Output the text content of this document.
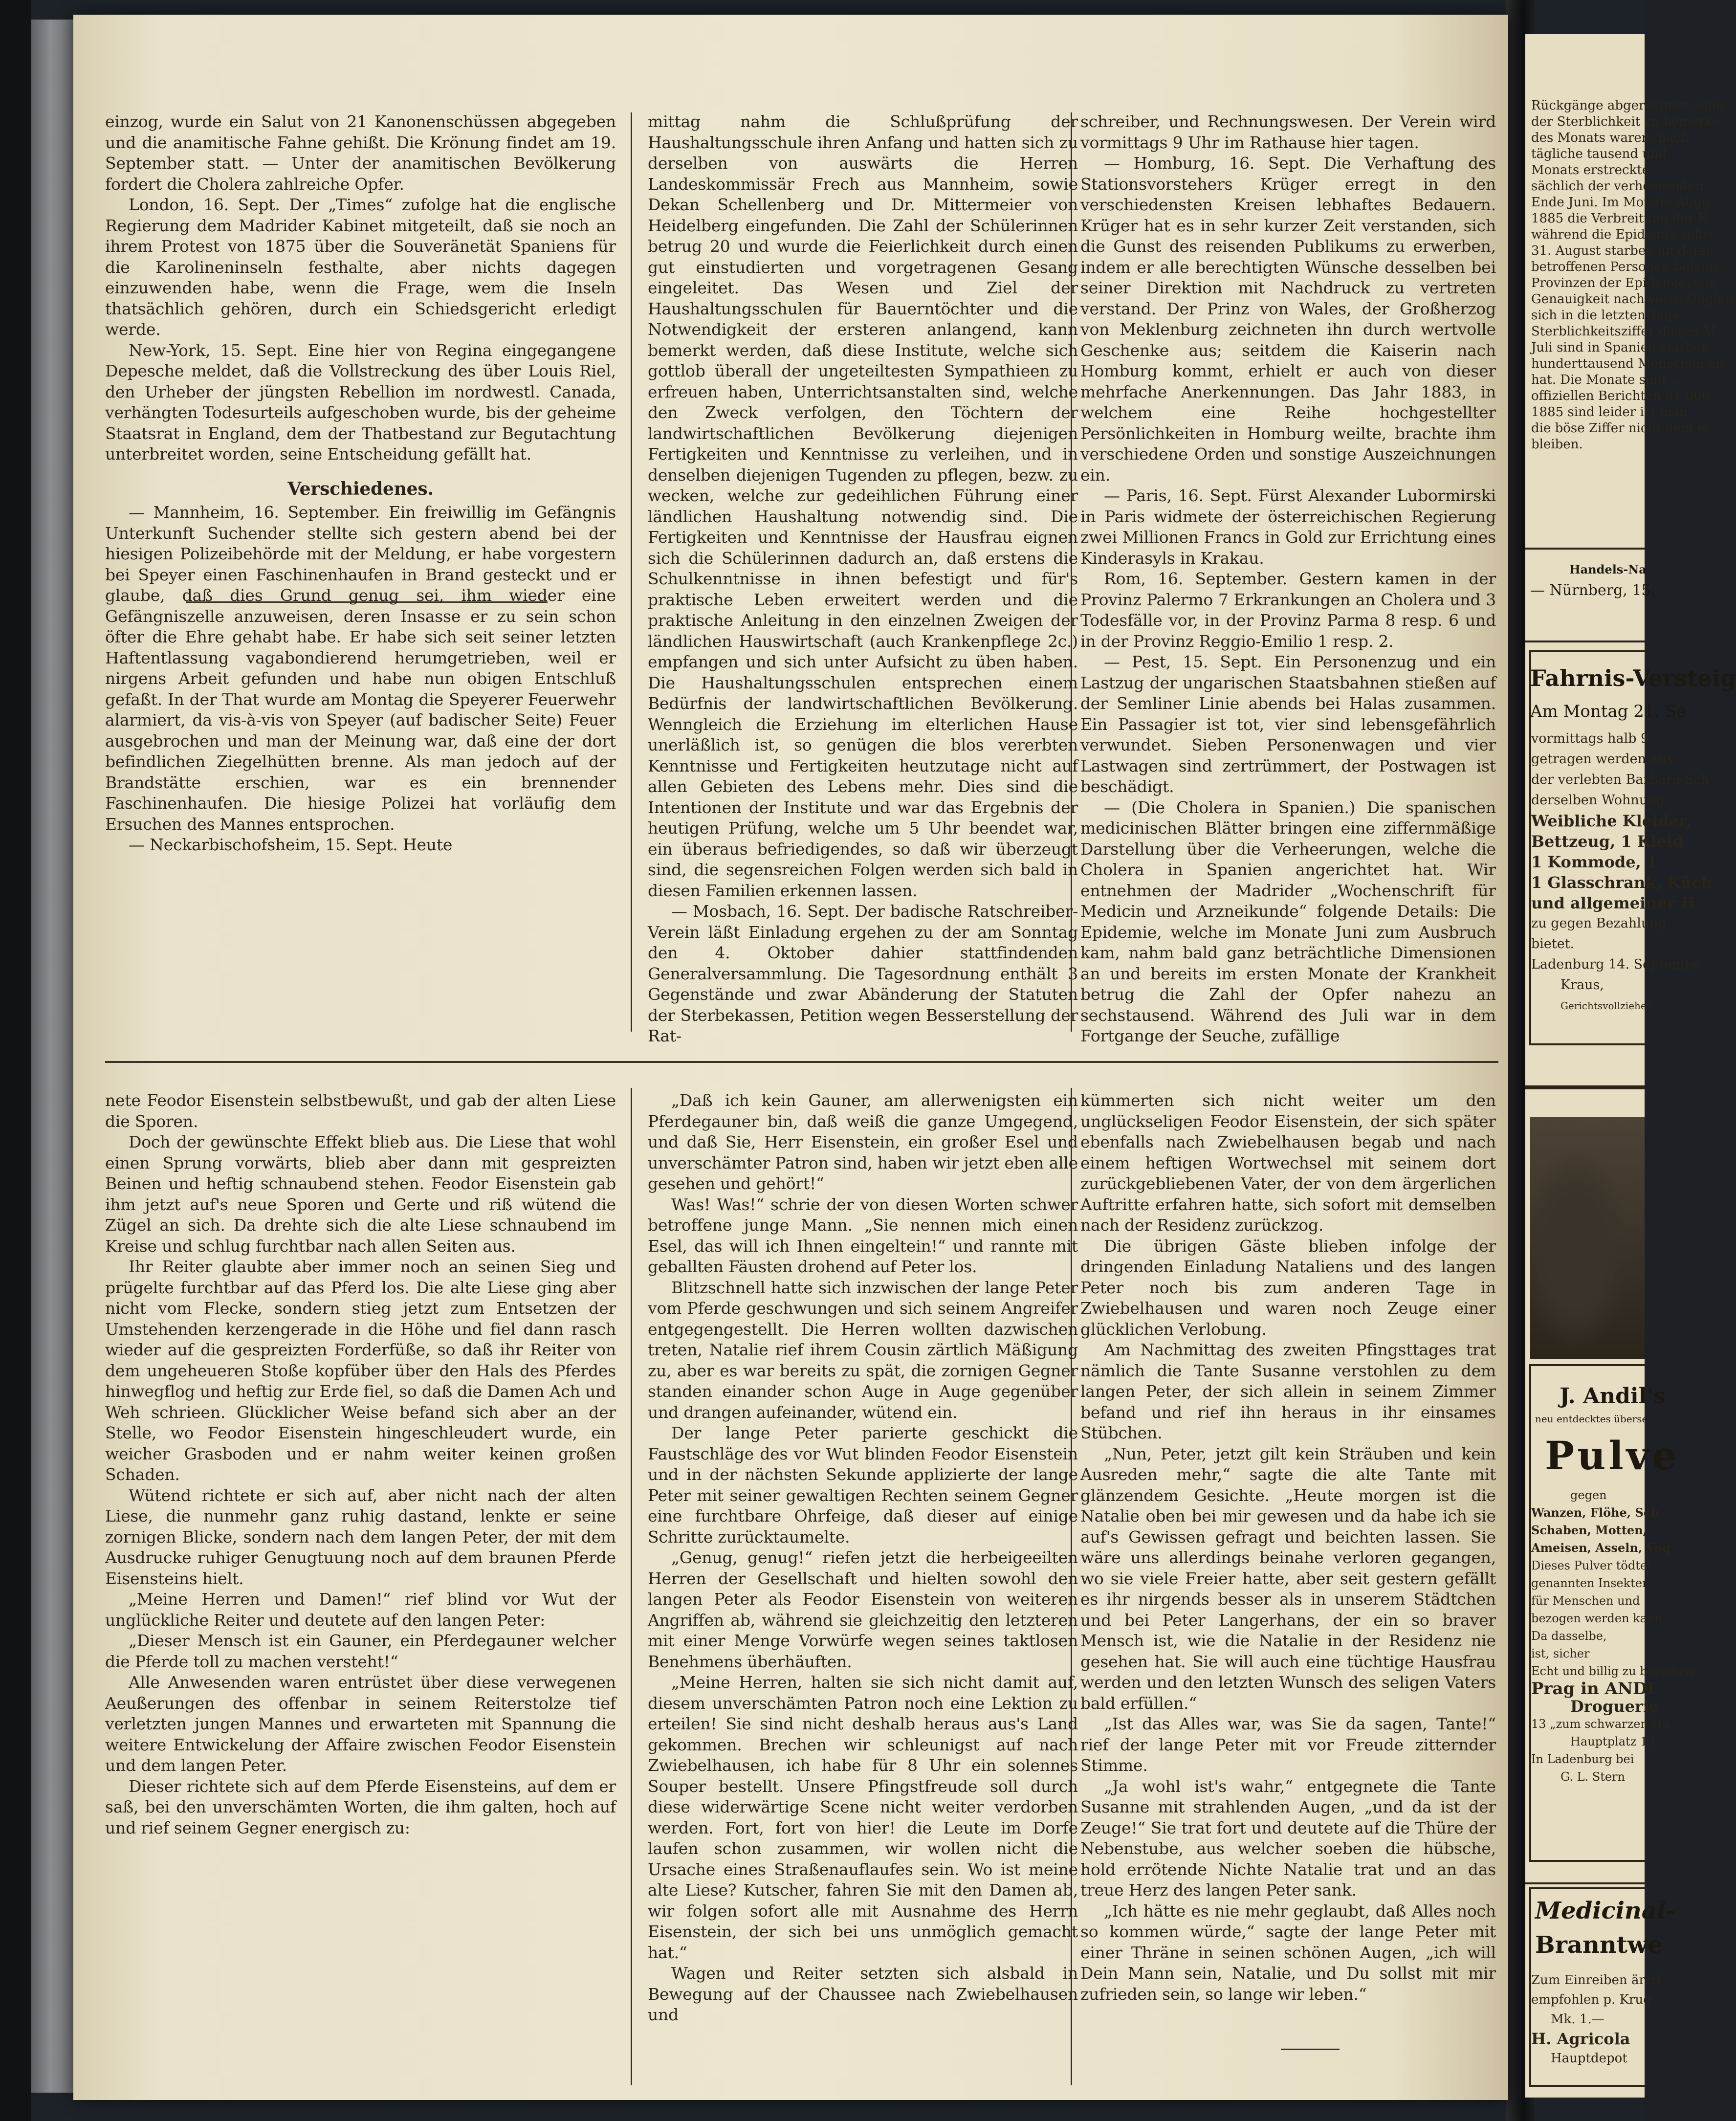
einzog, wurde ein Salut von 21 Kanonenschüssen abgegeben und die anamitische Fahne gehißt. Die Krönung findet am 19. September statt. — Unter der anamitischen Bevölkerung fordert die Cholera zahlreiche Opfer.

London, 16. Sept. Der „Times“ zufolge hat die englische Regierung dem Madrider Kabinet mitgeteilt, daß sie noch an ihrem Protest von 1875 über die Souveränetät Spaniens für die Karolineninseln festhalte, aber nichts dagegen einzuwenden habe, wenn die Frage, wem die Inseln thatsächlich gehören, durch ein Schiedsgericht erledigt werde.

New-York, 15. Sept. Eine hier von Regina eingegangene Depesche meldet, daß die Vollstreckung des über Louis Riel, den Urheber der jüngsten Rebellion im nordwestl. Canada, verhängten Todesurteils aufgeschoben wurde, bis der geheime Staatsrat in England, dem der Thatbestand zur Begutachtung unterbreitet worden, seine Entscheidung gefällt hat.

Verschiedenes.

— Mannheim, 16. September. Ein freiwillig im Gefängnis Unterkunft Suchender stellte sich gestern abend bei der hiesigen Polizeibehörde mit der Meldung, er habe vorgestern bei Speyer einen Faschinenhaufen in Brand gesteckt und er glaube, daß dies Grund genug sei, ihm wieder eine Gefängniszelle anzuweisen, deren Insasse er zu sein schon öfter die Ehre gehabt habe. Er habe sich seit seiner letzten Haftentlassung vagabondierend herumgetrieben, weil er nirgens Arbeit gefunden und habe nun obigen Entschluß gefaßt. In der That wurde am Montag die Speyerer Feuerwehr alarmiert, da vis-à-vis von Speyer (auf badischer Seite) Feuer ausgebrochen und man der Meinung war, daß eine der dort befindlichen Ziegelhütten brenne. Als man jedoch auf der Brandstätte erschien, war es ein brennender Faschinenhaufen. Die hiesige Polizei hat vorläufig dem Ersuchen des Mannes entsprochen.

— Neckarbischofsheim, 15. Sept. Heute

mittag nahm die Schlußprüfung der Haushaltungsschule ihren Anfang und hatten sich zu derselben von auswärts die Herren Landeskommissär Frech aus Mannheim, sowie Dekan Schellenberg und Dr. Mittermeier von Heidelberg eingefunden. Die Zahl der Schülerinnen betrug 20 und wurde die Feierlichkeit durch einen gut einstudierten und vorgetragenen Gesang eingeleitet. Das Wesen und Ziel der Haushaltungsschulen für Bauerntöchter und die Notwendigkeit der ersteren anlangend, kann bemerkt werden, daß diese Institute, welche sich gottlob überall der ungeteiltesten Sympathieen zu erfreuen haben, Unterrichtsanstalten sind, welche den Zweck verfolgen, den Töchtern der landwirtschaftlichen Bevölkerung diejenigen Fertigkeiten und Kenntnisse zu verleihen, und in denselben diejenigen Tugenden zu pflegen, bezw. zu wecken, welche zur gedeihlichen Führung einer ländlichen Haushaltung notwendig sind. Die Fertigkeiten und Kenntnisse der Hausfrau eignen sich die Schülerinnen dadurch an, daß erstens die Schulkenntnisse in ihnen befestigt und für's praktische Leben erweitert werden und die praktische Anleitung in den einzelnen Zweigen der ländlichen Hauswirtschaft (auch Krankenpflege 2c.) empfangen und sich unter Aufsicht zu üben haben. Die Haushaltungsschulen entsprechen einem Bedürfnis der landwirtschaftlichen Bevölkerung. Wenngleich die Erziehung im elterlichen Hause unerläßlich ist, so genügen die blos vererbten Kenntnisse und Fertigkeiten heutzutage nicht auf allen Gebieten des Lebens mehr. Dies sind die Intentionen der Institute und war das Ergebnis der heutigen Prüfung, welche um 5 Uhr beendet war, ein überaus befriedigendes, so daß wir überzeugt sind, die segensreichen Folgen werden sich bald in diesen Familien erkennen lassen.

— Mosbach, 16. Sept. Der badische Ratschreiber-Verein läßt Einladung ergehen zu der am Sonntag den 4. Oktober dahier stattfindenden Generalversammlung. Die Tagesordnung enthält 3 Gegenstände und zwar Abänderung der Statuten der Sterbekassen, Petition wegen Besserstellung der Rat-

schreiber, und Rechnungswesen. Der Verein wird vormittags 9 Uhr im Rathause hier tagen.

— Homburg, 16. Sept. Die Verhaftung des Stationsvorstehers Krüger erregt in den verschiedensten Kreisen lebhaftes Bedauern. Krüger hat es in sehr kurzer Zeit verstanden, sich die Gunst des reisenden Publikums zu erwerben, indem er alle berechtigten Wünsche desselben bei seiner Direktion mit Nachdruck zu vertreten verstand. Der Prinz von Wales, der Großherzog von Meklenburg zeichneten ihn durch wertvolle Geschenke aus; seitdem die Kaiserin nach Homburg kommt, erhielt er auch von dieser mehrfache Anerkennungen. Das Jahr 1883, in welchem eine Reihe hochgestellter Persönlichkeiten in Homburg weilte, brachte ihm verschiedene Orden und sonstige Auszeichnungen ein.

— Paris, 16. Sept. Fürst Alexander Lubormirski in Paris widmete der österreichischen Regierung zwei Millionen Francs in Gold zur Errichtung eines Kinderasyls in Krakau.

Rom, 16. September. Gestern kamen in der Provinz Palermo 7 Erkrankungen an Cholera und 3 Todesfälle vor, in der Provinz Parma 8 resp. 6 und in der Provinz Reggio-Emilio 1 resp. 2.

— Pest, 15. Sept. Ein Personenzug und ein Lastzug der ungarischen Staatsbahnen stießen auf der Semliner Linie abends bei Halas zusammen. Ein Passagier ist tot, vier sind lebensgefährlich verwundet. Sieben Personenwagen und vier Lastwagen sind zertrümmert, der Postwagen ist beschädigt.

— (Die Cholera in Spanien.) Die spanischen medicinischen Blätter bringen eine ziffernmäßige Darstellung über die Verheerungen, welche die Cholera in Spanien angerichtet hat. Wir entnehmen der Madrider „Wochenschrift für Medicin und Arzneikunde“ folgende Details: Die Epidemie, welche im Monate Juni zum Ausbruch kam, nahm bald ganz beträchtliche Dimensionen an und bereits im ersten Monate der Krankheit betrug die Zahl der Opfer nahezu an sechstausend. Während des Juli war in dem Fortgange der Seuche, zufällige

nete Feodor Eisenstein selbstbewußt, und gab der alten Liese die Sporen.

Doch der gewünschte Effekt blieb aus. Die Liese that wohl einen Sprung vorwärts, blieb aber dann mit gespreizten Beinen und heftig schnaubend stehen. Feodor Eisenstein gab ihm jetzt auf's neue Sporen und Gerte und riß wütend die Zügel an sich. Da drehte sich die alte Liese schnaubend im Kreise und schlug furchtbar nach allen Seiten aus.

Ihr Reiter glaubte aber immer noch an seinen Sieg und prügelte furchtbar auf das Pferd los. Die alte Liese ging aber nicht vom Flecke, sondern stieg jetzt zum Entsetzen der Umstehenden kerzengerade in die Höhe und fiel dann rasch wieder auf die gespreizten Forderfüße, so daß ihr Reiter von dem ungeheueren Stoße kopfüber über den Hals des Pferdes hinwegflog und heftig zur Erde fiel, so daß die Damen Ach und Weh schrieen. Glücklicher Weise befand sich aber an der Stelle, wo Feodor Eisenstein hingeschleudert wurde, ein weicher Grasboden und er nahm weiter keinen großen Schaden.

Wütend richtete er sich auf, aber nicht nach der alten Liese, die nunmehr ganz ruhig dastand, lenkte er seine zornigen Blicke, sondern nach dem langen Peter, der mit dem Ausdrucke ruhiger Genugtuung noch auf dem braunen Pferde Eisensteins hielt.

„Meine Herren und Damen!“ rief blind vor Wut der unglückliche Reiter und deutete auf den langen Peter:

„Dieser Mensch ist ein Gauner, ein Pferdegauner welcher die Pferde toll zu machen versteht!“

Alle Anwesenden waren entrüstet über diese verwegenen Aeußerungen des offenbar in seinem Reiterstolze tief verletzten jungen Mannes und erwarteten mit Spannung die weitere Entwickelung der Affaire zwischen Feodor Eisenstein und dem langen Peter.

Dieser richtete sich auf dem Pferde Eisensteins, auf dem er saß, bei den unverschämten Worten, die ihm galten, hoch auf und rief seinem Gegner energisch zu:

„Daß ich kein Gauner, am allerwenigsten ein Pferdegauner bin, daß weiß die ganze Umgegend, und daß Sie, Herr Eisenstein, ein großer Esel und unverschämter Patron sind, haben wir jetzt eben alle gesehen und gehört!“

Was! Was!“ schrie der von diesen Worten schwer betroffene junge Mann. „Sie nennen mich einen Esel, das will ich Ihnen eingeltein!“ und rannte mit geballten Fäusten drohend auf Peter los.

Blitzschnell hatte sich inzwischen der lange Peter vom Pferde geschwungen und sich seinem Angreifer entgegengestellt. Die Herren wollten dazwischen treten, Natalie rief ihrem Cousin zärtlich Mäßigung zu, aber es war bereits zu spät, die zornigen Gegner standen einander schon Auge in Auge gegenüber und drangen aufeinander, wütend ein.

Der lange Peter parierte geschickt die Faustschläge des vor Wut blinden Feodor Eisenstein und in der nächsten Sekunde applizierte der lange Peter mit seiner gewaltigen Rechten seinem Gegner eine furchtbare Ohrfeige, daß dieser auf einige Schritte zurücktaumelte.

„Genug, genug!“ riefen jetzt die herbeigeeilten Herren der Gesellschaft und hielten sowohl den langen Peter als Feodor Eisenstein von weiteren Angriffen ab, während sie gleichzeitig den letzteren mit einer Menge Vorwürfe wegen seines taktlosen Benehmens überhäuften.

„Meine Herren, halten sie sich nicht damit auf, diesem unverschämten Patron noch eine Lektion zu erteilen! Sie sind nicht deshalb heraus aus's Land gekommen. Brechen wir schleunigst auf nach Zwiebelhausen, ich habe für 8 Uhr ein solennes Souper bestellt. Unsere Pfingstfreude soll durch diese widerwärtige Scene nicht weiter verdorben werden. Fort, fort von hier! die Leute im Dorfe laufen schon zusammen, wir wollen nicht die Ursache eines Straßenauflaufes sein. Wo ist meine alte Liese? Kutscher, fahren Sie mit den Damen ab, wir folgen sofort alle mit Ausnahme des Herrn Eisenstein, der sich bei uns unmöglich gemacht hat.“

Wagen und Reiter setzten sich alsbald in Bewegung auf der Chaussee nach Zwiebelhausen und

kümmerten sich nicht weiter um den unglückseligen Feodor Eisenstein, der sich später ebenfalls nach Zwiebelhausen begab und nach einem heftigen Wortwechsel mit seinem dort zurückgebliebenen Vater, der von dem ärgerlichen Auftritte erfahren hatte, sich sofort mit demselben nach der Residenz zurückzog.

Die übrigen Gäste blieben infolge der dringenden Einladung Nataliens und des langen Peter noch bis zum anderen Tage in Zwiebelhausen und waren noch Zeuge einer glücklichen Verlobung.

Am Nachmittag des zweiten Pfingsttages trat nämlich die Tante Susanne verstohlen zu dem langen Peter, der sich allein in seinem Zimmer befand und rief ihn heraus in ihr einsames Stübchen.

„Nun, Peter, jetzt gilt kein Sträuben und kein Ausreden mehr,“ sagte die alte Tante mit glänzendem Gesichte. „Heute morgen ist die Natalie oben bei mir gewesen und da habe ich sie auf's Gewissen gefragt und beichten lassen. Sie wäre uns allerdings beinahe verloren gegangen, wo sie viele Freier hatte, aber seit gestern gefällt es ihr nirgends besser als in unserem Städtchen und bei Peter Langerhans, der ein so braver Mensch ist, wie die Natalie in der Residenz nie gesehen hat. Sie will auch eine tüchtige Hausfrau werden und den letzten Wunsch des seligen Vaters bald erfüllen.“

„Ist das Alles war, was Sie da sagen, Tante!“ rief der lange Peter mit vor Freude zitternder Stimme.

„Ja wohl ist's wahr,“ entgegnete die Tante Susanne mit strahlenden Augen, „und da ist der Zeuge!“ Sie trat fort und deutete auf die Thüre der Nebenstube, aus welcher soeben die hübsche, hold errötende Nichte Natalie trat und an das treue Herz des langen Peter sank.

„Ich hätte es nie mehr geglaubt, daß Alles noch so kommen würde,“ sagte der lange Peter mit einer Thräne in seinen schönen Augen, „ich will Dein Mann sein, Natalie, und Du sollst mit mir zufrieden sein, so lange wir leben.“

Rückgänge abgerechnet, eine
der Sterblichkeit zu bemerke
des Monats waren, nach
tägliche tausend und
Monats erstreckte
sächlich der verheerenden
Ende Juni. Im Monate Augu
1885 die Verbreitung der K
während die Epidemie selbs
31. August starben an derse
betroffenen Personen belaufe
Provinzen der Epidemie, wie
Genauigkeit nachweist. Obgleic
sich in die letzten Tage
Sterblichkeitsziffer dieses M
Juli sind in Spanien starben
hunderttausend Menschen an
hat. Die Monate sind ...
offiziellen Berichten 81 000
1885 sind leider ist man
die böse Ziffer nicht dem w
bleiben.
Handels-Na
— Nürnberg, 15.
Fahrnis-Versteig
Am Montag 21. Se
vormittags halb 9
getragen werden aus
der verlebten Barbara Sch
derselben Wohnung:
Weibliche Kleider,
Bettzeug, 1 Kleid
1 Kommode, 1
1 Glasschrank, Küch
und allgemeiner H
zu gegen Bezahlung
bietet.
Ladenburg 14. Septembe
Kraus,
Gerichtsvollzieher
J. Andil's
neu entdecktes überse
Pulve
gegen
Wanzen, Flöhe, Sch
Schaben, Motten,
Ameisen, Asseln, Vog
Dieses Pulver tödtet
genannten Insekten
für Menschen und
bezogen werden kann
Da dasselbe,
ist, sicher
Echt und billig zu beziehen
Prag in ANDI
Droguerie
13 „zum schwarzen Ha
Hauptplatz 13
In Ladenburg bei
G. L. Stern
Medicinal-
Branntwe
Zum Einreiben ärztl
empfohlen p. Krug
Mk. 1.—
H. Agricola
Hauptdepot
